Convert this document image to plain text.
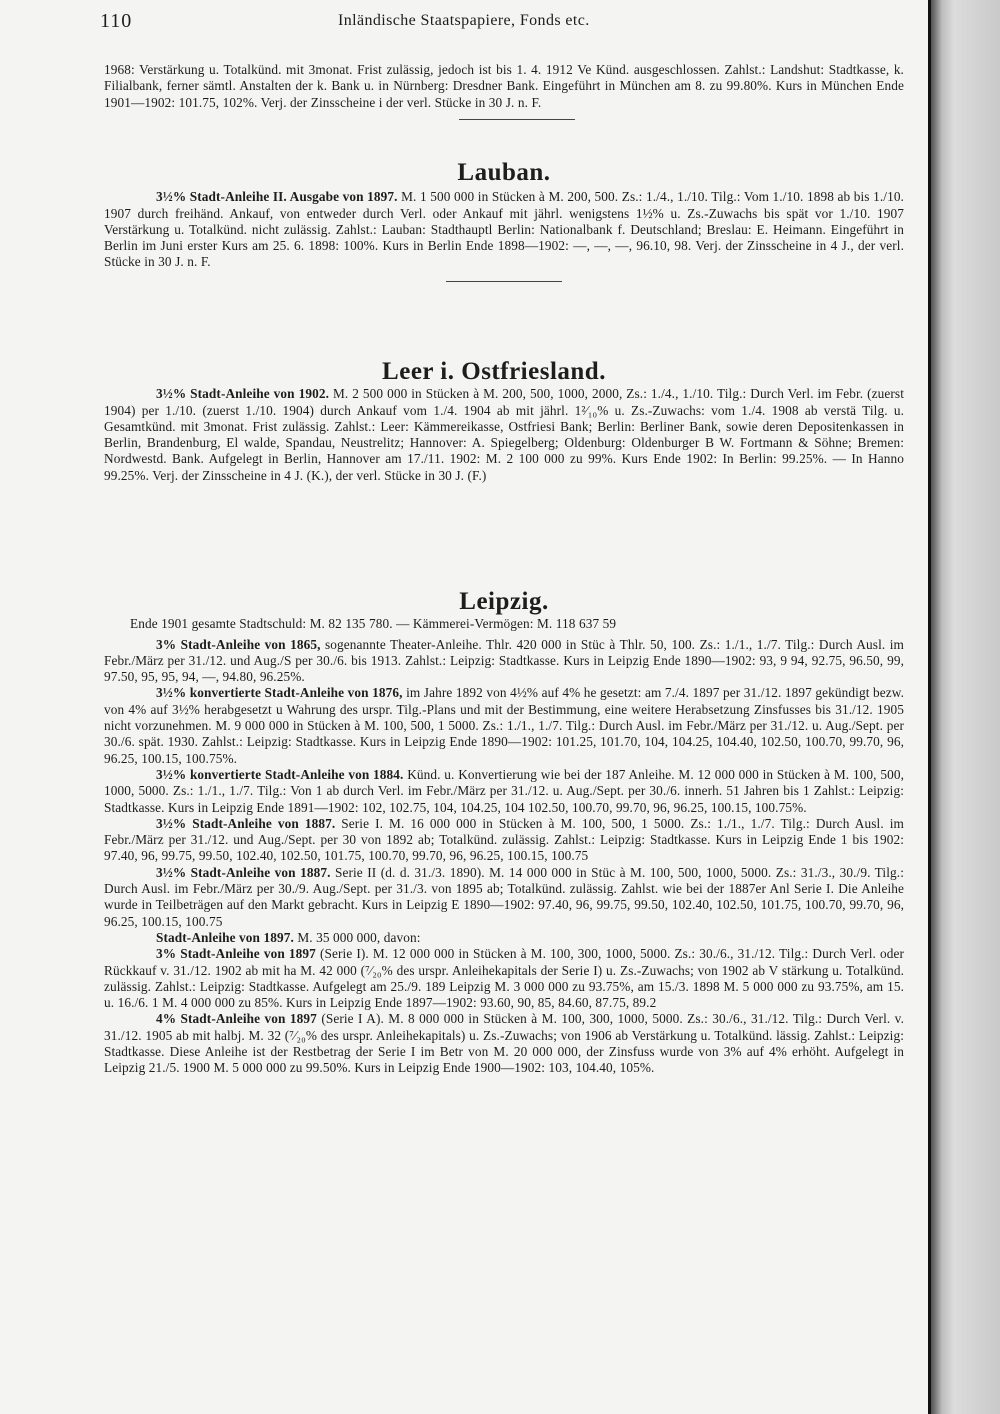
110	Inländische Staatspapiere, Fonds etc.

1968: Verstärkung u. Totalkünd. mit 3monat. Frist zulässig, jedoch ist bis 1. 4. 1912 Ve Künd. ausgeschlossen. Zahlst.: Landshut: Stadtkasse, k. Filialbank, ferner sämtl. Anstalten der k. Bank u. in Nürnberg: Dresdner Bank. Eingeführt in München am 8. zu 99.80%. Kurs in München Ende 1901—1902: 101.75, 102%. Verj. der Zinsscheine i der verl. Stücke in 30 J. n. F.

Lauban.

3½% Stadt-Anleihe II. Ausgabe von 1897. M. 1 500 000 in Stücken à M. 200, 500. Zs.: 1./4., 1./10. Tilg.: Vom 1./10. 1898 ab bis 1./10. 1907 durch freihänd. Ankauf, von entweder durch Verl. oder Ankauf mit jährl. wenigstens 1½% u. Zs.-Zuwachs bis spät vor 1./10. 1907 Verstärkung u. Totalkünd. nicht zulässig. Zahlst.: Lauban: Stadthauptl Berlin: Nationalbank f. Deutschland; Breslau: E. Heimann. Eingeführt in Berlin im Juni erster Kurs am 25. 6. 1898: 100%. Kurs in Berlin Ende 1898—1902: —, —, —, 96.10, 98. Verj. der Zinsscheine in 4 J., der verl. Stücke in 30 J. n. F.

Leer i. Ostfriesland.

3½% Stadt-Anleihe von 1902. M. 2 500 000 in Stücken à M. 200, 500, 1000, 2000, Zs.: 1./4., 1./10. Tilg.: Durch Verl. im Febr. (zuerst 1904) per 1./10. (zuerst 1./10. 1904) durch Ankauf vom 1./4. 1904 ab mit jährl. 1²⁄₁₀% u. Zs.-Zuwachs: vom 1./4. 1908 ab verstä Tilg. u. Gesamtkünd. mit 3monat. Frist zulässig. Zahlst.: Leer: Kämmereikasse, Ostfriesi Bank; Berlin: Berliner Bank, sowie deren Depositenkassen in Berlin, Brandenburg, El walde, Spandau, Neustrelitz; Hannover: A. Spiegelberg; Oldenburg: Oldenburger B W. Fortmann & Söhne; Bremen: Nordwestd. Bank. Aufgelegt in Berlin, Hannover am 17./11. 1902: M. 2 100 000 zu 99%. Kurs Ende 1902: In Berlin: 99.25%. — In Hanno 99.25%. Verj. der Zinsscheine in 4 J. (K.), der verl. Stücke in 30 J. (F.)

Leipzig.

Ende 1901 gesamte Stadtschuld: M. 82 135 780. — Kämmerei-Vermögen: M. 118 637 59

3% Stadt-Anleihe von 1865, sogenannte Theater-Anleihe. Thlr. 420 000 in Stüc à Thlr. 50, 100. Zs.: 1./1., 1./7. Tilg.: Durch Ausl. im Febr./März per 31./12. und Aug./S per 30./6. bis 1913. Zahlst.: Leipzig: Stadtkasse. Kurs in Leipzig Ende 1890—1902: 93, 9 94, 92.75, 96.50, 99, 97.50, 95, 95, 94, —, 94.80, 96.25%.

3½% konvertierte Stadt-Anleihe von 1876, im Jahre 1892 von 4½% auf 4% he gesetzt: am 7./4. 1897 per 31./12. 1897 gekündigt bezw. von 4% auf 3½% herabgesetzt u Wahrung des urspr. Tilg.-Plans und mit der Bestimmung, eine weitere Herabsetzung Zinsfusses bis 31./12. 1905 nicht vorzunehmen. M. 9 000 000 in Stücken à M. 100, 500, 1 5000. Zs.: 1./1., 1./7. Tilg.: Durch Ausl. im Febr./März per 31./12. u. Aug./Sept. per 30./6. spät. 1930. Zahlst.: Leipzig: Stadtkasse. Kurs in Leipzig Ende 1890—1902: 101.25, 101.70, 104, 104.25, 104.40, 102.50, 100.70, 99.70, 96, 96.25, 100.15, 100.75%.

3½% konvertierte Stadt-Anleihe von 1884. Künd. u. Konvertierung wie bei der 187 Anleihe. M. 12 000 000 in Stücken à M. 100, 500, 1000, 5000. Zs.: 1./1., 1./7. Tilg.: Von 1 ab durch Verl. im Febr./März per 31./12. u. Aug./Sept. per 30./6. innerh. 51 Jahren bis 1 Zahlst.: Leipzig: Stadtkasse. Kurs in Leipzig Ende 1891—1902: 102, 102.75, 104, 104.25, 104 102.50, 100.70, 99.70, 96, 96.25, 100.15, 100.75%.

3½% Stadt-Anleihe von 1887. Serie I. M. 16 000 000 in Stücken à M. 100, 500, 1 5000. Zs.: 1./1., 1./7. Tilg.: Durch Ausl. im Febr./März per 31./12. und Aug./Sept. per 30 von 1892 ab; Totalkünd. zulässig. Zahlst.: Leipzig: Stadtkasse. Kurs in Leipzig Ende 1 bis 1902: 97.40, 96, 99.75, 99.50, 102.40, 102.50, 101.75, 100.70, 99.70, 96, 96.25, 100.15, 100.75

3½% Stadt-Anleihe von 1887. Serie II (d. d. 31./3. 1890). M. 14 000 000 in Stüc à M. 100, 500, 1000, 5000. Zs.: 31./3., 30./9. Tilg.: Durch Ausl. im Febr./März per 30./9. Aug./Sept. per 31./3. von 1895 ab; Totalkünd. zulässig. Zahlst. wie bei der 1887er Anl Serie I. Die Anleihe wurde in Teilbeträgen auf den Markt gebracht. Kurs in Leipzig E 1890—1902: 97.40, 96, 99.75, 99.50, 102.40, 102.50, 101.75, 100.70, 99.70, 96, 96.25, 100.15, 100.75

Stadt-Anleihe von 1897. M. 35 000 000, davon:

3% Stadt-Anleihe von 1897 (Serie I). M. 12 000 000 in Stücken à M. 100, 300, 1000, 5000. Zs.: 30./6., 31./12. Tilg.: Durch Verl. oder Rückkauf v. 31./12. 1902 ab mit ha M. 42 000 (⁷⁄₂₀% des urspr. Anleihekapitals der Serie I) u. Zs.-Zuwachs; von 1902 ab V stärkung u. Totalkünd. zulässig. Zahlst.: Leipzig: Stadtkasse. Aufgelegt am 25./9. 189 Leipzig M. 3 000 000 zu 93.75%, am 15./3. 1898 M. 5 000 000 zu 93.75%, am 15. u. 16./6. 1 M. 4 000 000 zu 85%. Kurs in Leipzig Ende 1897—1902: 93.60, 90, 85, 84.60, 87.75, 89.2

4% Stadt-Anleihe von 1897 (Serie I A). M. 8 000 000 in Stücken à M. 100, 300, 1000, 5000. Zs.: 30./6., 31./12. Tilg.: Durch Verl. v. 31./12. 1905 ab mit halbj. M. 32 (⁷⁄₂₀% des urspr. Anleihekapitals) u. Zs.-Zuwachs; von 1906 ab Verstärkung u. Totalkünd. lässig. Zahlst.: Leipzig: Stadtkasse. Diese Anleihe ist der Restbetrag der Serie I im Betr von M. 20 000 000, der Zinsfuss wurde von 3% auf 4% erhöht. Aufgelegt in Leipzig 21./5. 1900 M. 5 000 000 zu 99.50%. Kurs in Leipzig Ende 1900—1902: 103, 104.40, 105%.
